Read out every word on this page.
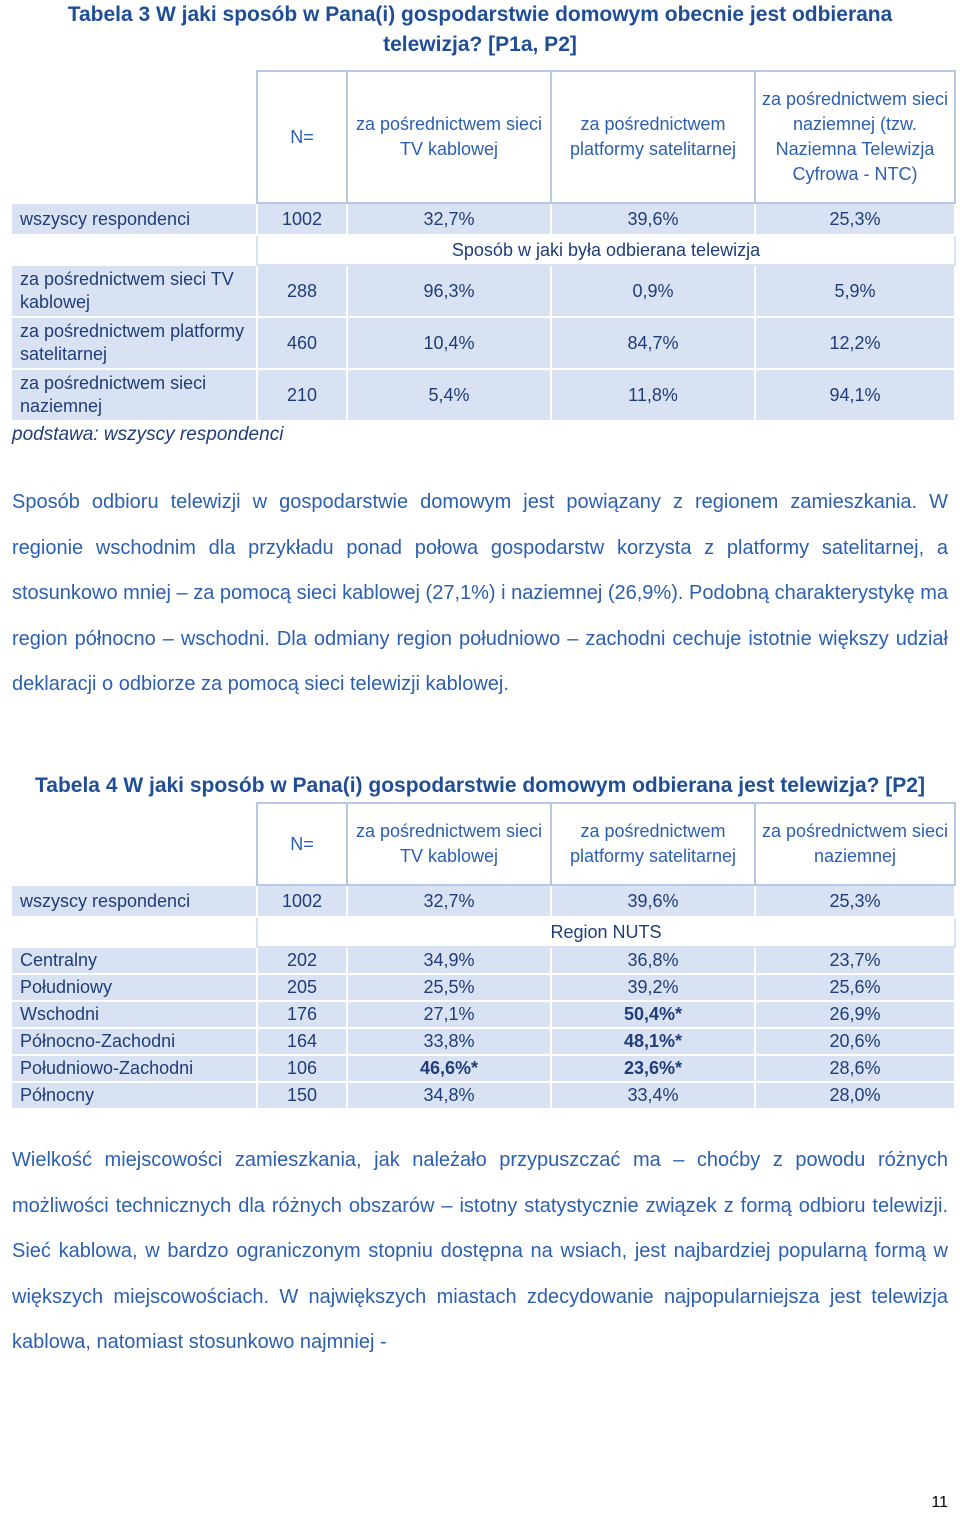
Tabela 3 W jaki sposób w Pana(i) gospodarstwie domowym obecnie jest odbierana telewizja? [P1a, P2]
	N=	za pośrednictwem sieci TV kablowej	za pośrednictwem platformy satelitarnej	za pośrednictwem sieci naziemnej (tzw. Naziemna Telewizja Cyfrowa - NTC)
wszyscy respondenci	1002	32,7%	39,6%	25,3%
	Sposób w jaki była odbierana telewizja			
za pośrednictwem sieci TV kablowej	288	96,3%	0,9%	5,9%
za pośrednictwem platformy satelitarnej	460	10,4%	84,7%	12,2%
za pośrednictwem sieci naziemnej	210	5,4%	11,8%	94,1%
podstawa: wszyscy respondenci

Sposób odbioru telewizji w gospodarstwie domowym jest powiązany z regionem zamieszkania. W regionie wschodnim dla przykładu ponad połowa gospodarstw korzysta z platformy satelitarnej, a stosunkowo mniej – za pomocą sieci kablowej (27,1%) i naziemnej (26,9%). Podobną charakterystykę ma region północno – wschodni. Dla odmiany region południowo – zachodni cechuje istotnie większy udział deklaracji o odbiorze za pomocą sieci telewizji kablowej.

Tabela 4 W jaki sposób w Pana(i) gospodarstwie domowym odbierana jest telewizja? [P2]
	N=	za pośrednictwem sieci TV kablowej	za pośrednictwem platformy satelitarnej	za pośrednictwem sieci naziemnej
wszyscy respondenci	1002	32,7%	39,6%	25,3%
	Region NUTS			
Centralny	202	34,9%	36,8%	23,7%
Południowy	205	25,5%	39,2%	25,6%
Wschodni	176	27,1%	50,4%*	26,9%
Północno-Zachodni	164	33,8%	48,1%*	20,6%
Południowo-Zachodni	106	46,6%*	23,6%*	28,6%
Północny	150	34,8%	33,4%	28,0%

Wielkość miejscowości zamieszkania, jak należało przypuszczać ma – choćby z powodu różnych możliwości technicznych dla różnych obszarów – istotny statystycznie związek z formą odbioru telewizji. Sieć kablowa, w bardzo ograniczonym stopniu dostępna na wsiach, jest najbardziej popularną formą w większych miejscowościach. W największych miastach zdecydowanie najpopularniejsza jest telewizja kablowa, natomiast stosunkowo najmniej -

11
